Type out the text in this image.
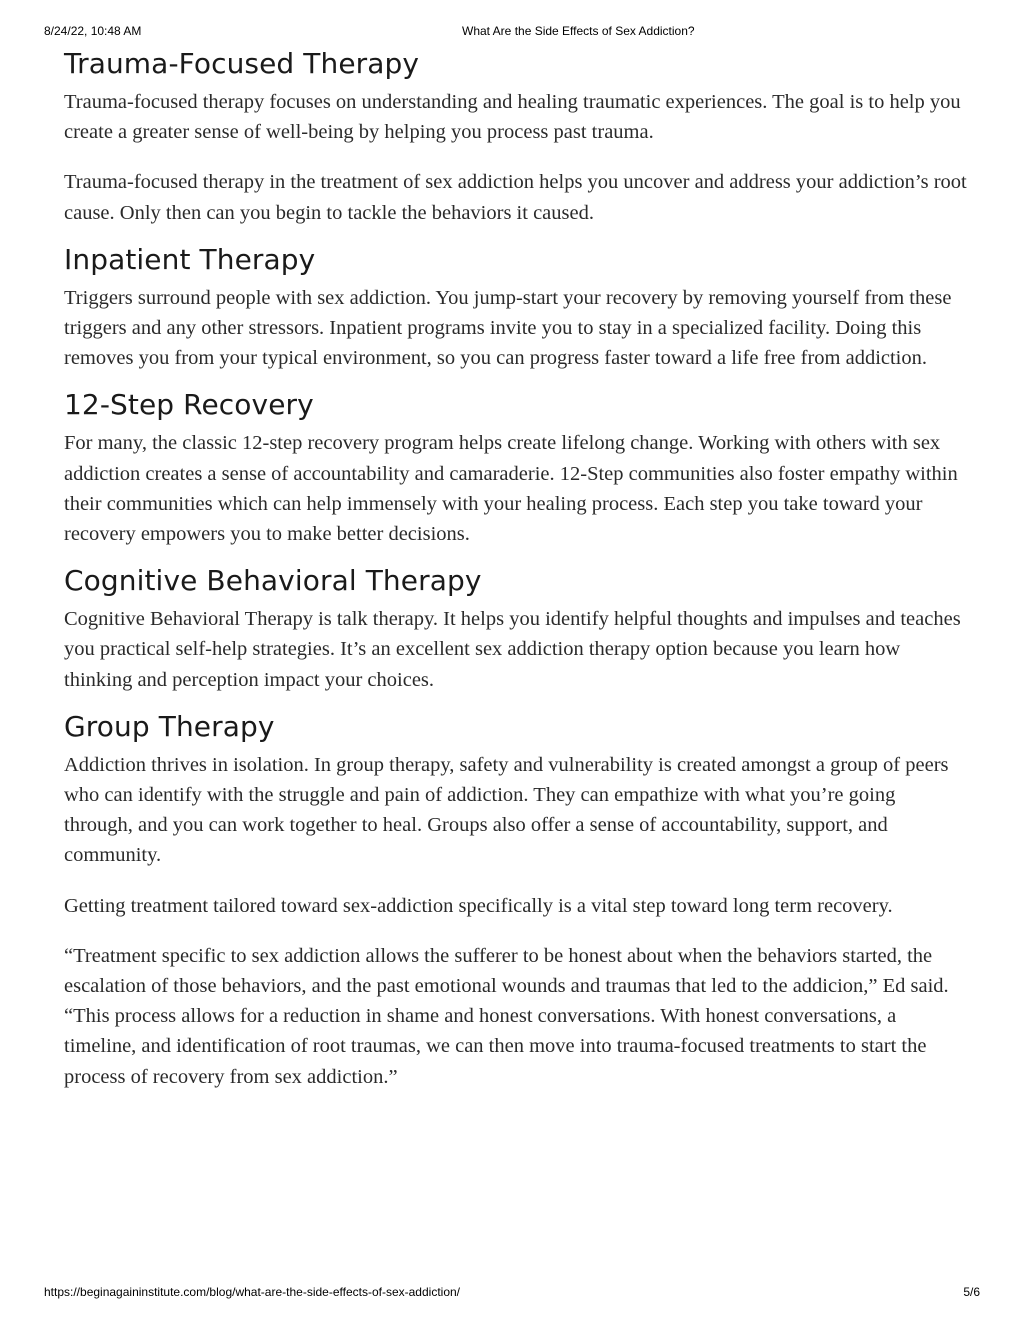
8/24/22, 10:48 AM	What Are the Side Effects of Sex Addiction?
Trauma-Focused Therapy

Trauma-focused therapy focuses on understanding and healing traumatic experiences. The goal is to help you create a greater sense of well-being by helping you process past trauma.

Trauma-focused therapy in the treatment of sex addiction helps you uncover and address your addiction’s root cause. Only then can you begin to tackle the behaviors it caused.

Inpatient Therapy

Triggers surround people with sex addiction. You jump-start your recovery by removing yourself from these triggers and any other stressors. Inpatient programs invite you to stay in a specialized facility. Doing this removes you from your typical environment, so you can progress faster toward a life free from addiction.

12-Step Recovery

For many, the classic 12-step recovery program helps create lifelong change. Working with others with sex addiction creates a sense of accountability and camaraderie. 12-Step communities also foster empathy within their communities which can help immensely with your healing process. Each step you take toward your recovery empowers you to make better decisions.

Cognitive Behavioral Therapy

Cognitive Behavioral Therapy is talk therapy. It helps you identify helpful thoughts and impulses and teaches you practical self-help strategies. It’s an excellent sex addiction therapy option because you learn how thinking and perception impact your choices.

Group Therapy

Addiction thrives in isolation. In group therapy, safety and vulnerability is created amongst a group of peers who can identify with the struggle and pain of addiction. They can empathize with what you’re going through, and you can work together to heal. Groups also offer a sense of accountability, support, and community.

Getting treatment tailored toward sex-addiction specifically is a vital step toward long term recovery.

“Treatment specific to sex addiction allows the sufferer to be honest about when the behaviors started, the escalation of those behaviors, and the past emotional wounds and traumas that led to the addicion,” Ed said. “This process allows for a reduction in shame and honest conversations. With honest conversations, a timeline, and identification of root traumas, we can then move into trauma-focused treatments to start the process of recovery from sex addiction.”

https://beginagaininstitute.com/blog/what-are-the-side-effects-of-sex-addiction/	5/6
